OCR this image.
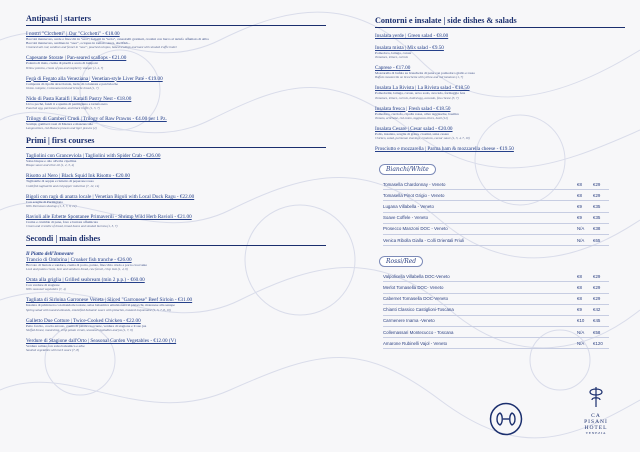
Antipasti | starters
I nostri "Cicchetti" | Our "Cicchetti" - €18.00
Baccalà mantecato, sarde e finocchi in "saor", folpetti in "tecia", canestrelli gratinati, crostini con burro al tartufo affumato di Alba
Baccalà mantecato, sardines in "saor", octopus in tomato sauce, shellfish...
Creamed salt cod, sardines and fennel in "saor", poached octopus, baked scallops and toast with smoked truffle butter
Capesante Storate | Pan-seared scallops - €21.00
Polenta di mais, crema di piselli e aceto di lamponi
Yellow polenta, cream of pea and raspberry vinegar (1, 4, 7)
Fegà di Fegato alla Veneziana | Venetian-style Liver Paté - €19.00
Composta di cipolle stracciarole, lardo di colonnata e pan brioche
Onion compote, Colonnata lard and brioche bread (1, 7)
Nido di Pasta Kataifi | Kataifi Pastry Nest - €18.00
Uovo pochè, fondi ti e spuma di parmigiano e tartufo nero
Poached egg, parmesan fondue, and black truffle (1, 3, 7)
Trilogy di Gamberi Crudi | Trilogy of Raw Prawns - €4.00 per 1 Pz.
Scampi, gamberi rossi di Mazara e mazzancolle
Langoustines, red Mazara prawns and tiger prawns (2)
Primi | first courses
Tagliolini con Granceviola | Tagliolini with Spider Crab - €26.00
Salsa bisque e olio all'erba cipollina
Bisque sauce and chive oil (1, 2, 3, 4)
Risotto al Nero | Black Squid Ink Risotto - €20.00
Tagliatelle di seppie e ristretto di peperone rosso
Cuttlefish tagliatelle and red pepper reduction (7, 12, 14)
Bigoli con ragù di anatra locale | Venetian Bigoli with Local Duck Ragu - €22.00
Con scaglie di Parmigiano
With Parmesan shavings (1, 3, 7, 9, 12)
Ravioli alle Erbette Spontanee Primaverili - Shrimp Wild Herb Ravioli - €21.00
Crema e crumble di pane, fave e burrata affumicata
Cream and crumble of bread, broad beans and smoked burrata (1, 3, 7)
Secondi | main dishes
Il Piatto dell'Innovare
Trancio di Ombrina | Croaker fish tranche - €26.00
Brovato di bietole e sandaro, crema di porro, patate, finocchio crudo e porro croccante
Leek and potato cream, beet and sambuco bread, raw fennel, crisp leek (1, 4, 9)
Orata alla griglia | Grilled seabream (min 2 p.p.) - €60.00
Con verdure di stagione
With seasonal vegetables (7, 4)
Tagliata di Sirloina Garronese Veneta | Sliced "Garronese" Beef Sirloin - €31.00
Insalata di primavera con mandorle tostate, salsa balsamica emulsionata al pistacchi, maionese alla senape
Spring salad with toasted almonds, emulsified balsamic sauce with pistachio, mustard mayonnaise (1, 3, 7, 8, 10)
Galletto Due Cotture | Twice-Cooked Chicken - €22.00
Petto farcito, coscia arrosto, crema di patate croccante, verdure di stagione e il suo jus
Stuffed breast, roasted leg, crisp potato cream, seasonal vegetables and jus (1, 7, 9)
Verdure di Stagione dall'Orto | Seasonal Garden Vegetables - €12.00 (V)
Verdure saltate con salsa balsamica e erbe
Sautéed vegetables with herb sauce (7, 8)
Contorni e insalate | side dishes & salads
Insalata verde | Green salad - €8.00
Insalata mista | Mix salad - €9.50
Pomodoro, lattuga, carote
Tomatoes, lettuce, carrots
Caprese - €17.00
Mozzarella di bufala su bruschetta di pane con pomodoro giallo e rosso
Buffalo mozzarella on bruschetta with yellow and red tomatoes (1, 7)
Insalata La Rivista | La Rivista salad - €18.50
Pomodorini, lattuga, carote, uovo sodo, avocado, formaggio feta
Tomatoes, lettuce, carrots, boiled egg, avocado, feta cheese (3, 7)
Insalata fresca | Fresh salad - €18.50
Pomodoro, carciofo, cipolla rossa, olive taggiasche, basilico
Tomato, artichoke, red onion, taggiasca olives, basil (12)
Insalata Cesare | Cesar salad - €20.00
Pollo, insalata, scaglie di grana, crostini, salsa cesare
Chicken, salad, parmesan shavings, croutons, caesar sauce (1, 3, 4, 7, 10)
Prosciutto e mozzarella | Parma ham & mozzarella cheese - €19.50
Bianchi/White
Tomasella Chardonnay - Veneto	€8	€29
Tomasella Pinot Grigio - Veneto	€8	€29
Lugana Villabella - Veneto	€9	€35
Soave Coffele - Veneto	€9	€35
Prosecco Manzoni DOC - Veneto	N/A	€38
Venica Ribolla Gialla - Colli Orientali Friuli	N/A	€65
Rossi/Red
Valpolicella Villabella DOC-Veneto	€8	€29
Merlot Tomasella DOC- Veneto	€8	€29
Cabernet Tomasella DOC-Veneto	€8	€29
Chianti Classico Castiglioni-Toscana	€9	€42
Carmenere Inama -Veneto	€10	€45
Collemassari Montecucco - Toscana	N/A	€58
Amarone Rubinelli Vajol - Veneto	N/A	€120
CA
PISANI
HOTEL
VENEZIA
